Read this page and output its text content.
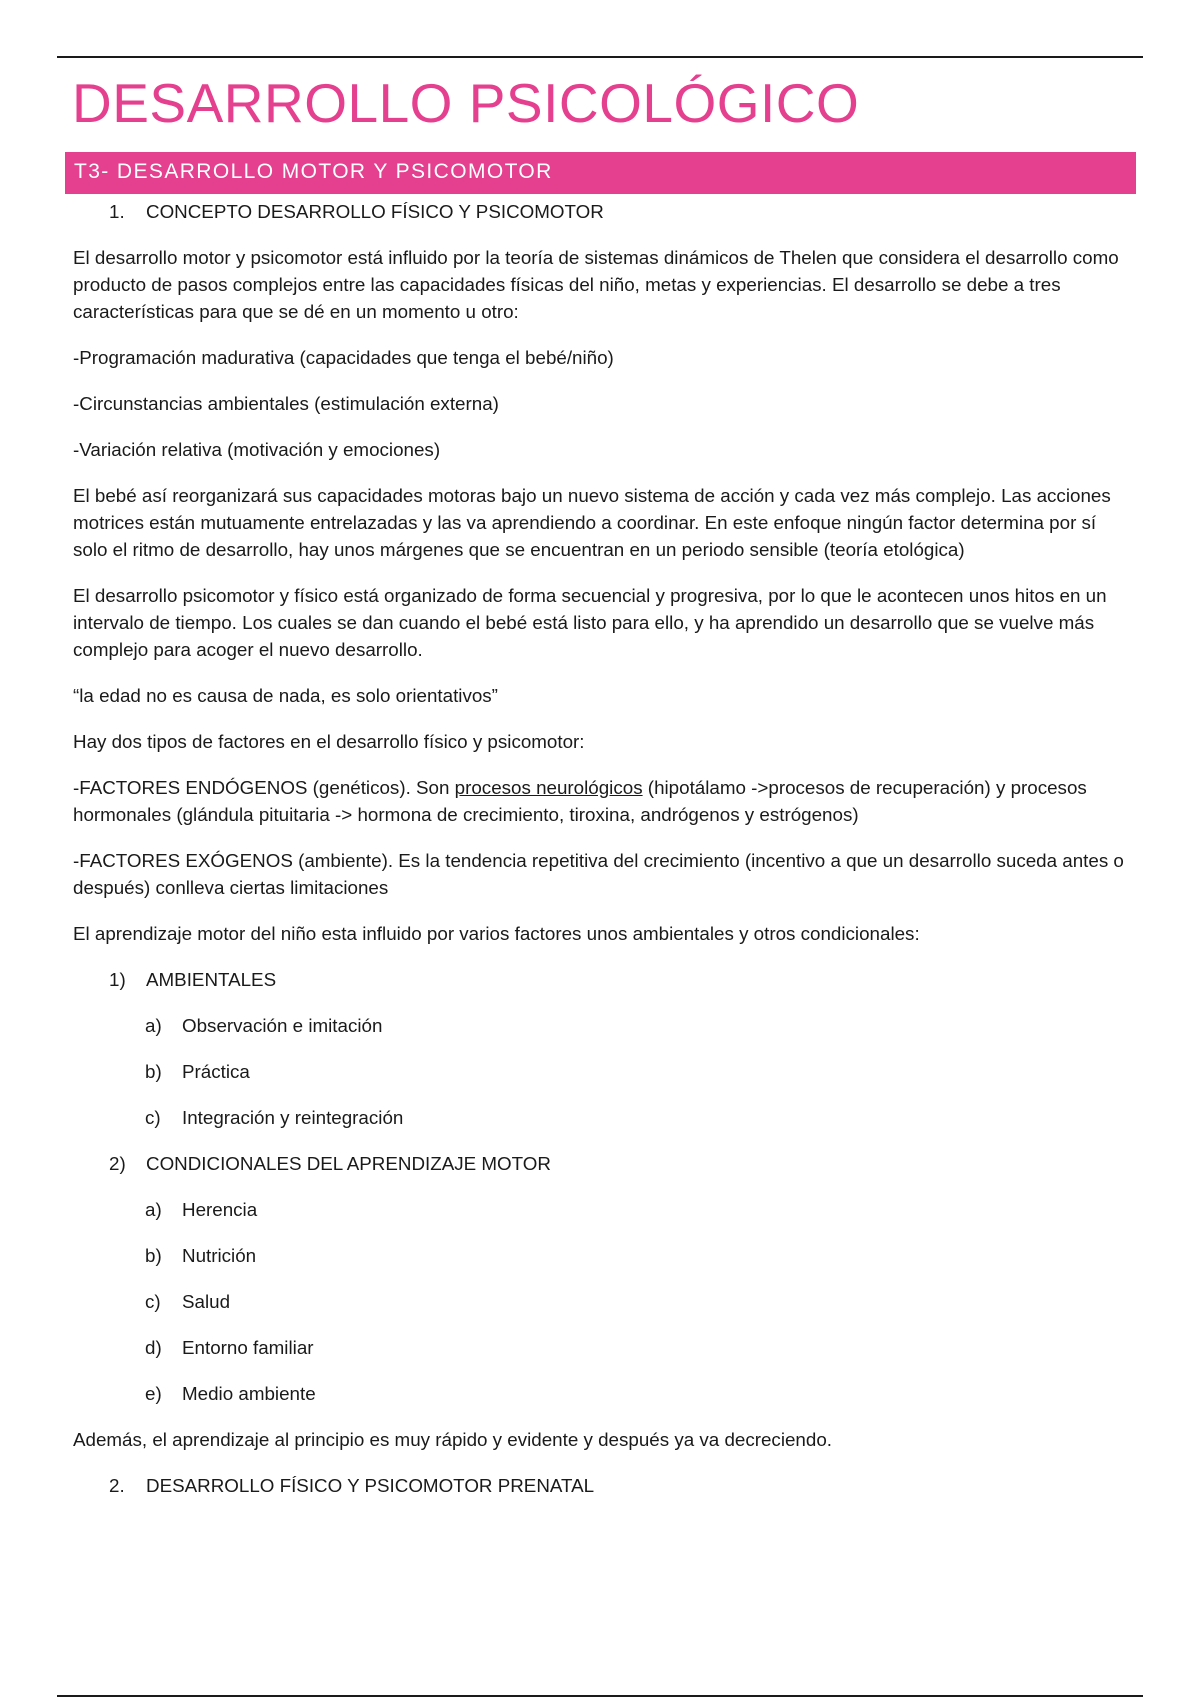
DESARROLLO PSICOLÓGICO
T3- DESARROLLO MOTOR Y PSICOMOTOR
1. CONCEPTO DESARROLLO FÍSICO Y PSICOMOTOR

El desarrollo motor y psicomotor está influido por la teoría de sistemas dinámicos de Thelen que considera el desarrollo como producto de pasos complejos entre las capacidades físicas del niño, metas y experiencias. El desarrollo se debe a tres características para que se dé en un momento u otro:

-Programación madurativa (capacidades que tenga el bebé/niño)

-Circunstancias ambientales (estimulación externa)

-Variación relativa (motivación y emociones)

El bebé así reorganizará sus capacidades motoras bajo un nuevo sistema de acción y cada vez más complejo. Las acciones motrices están mutuamente entrelazadas y las va aprendiendo a coordinar. En este enfoque ningún factor determina por sí solo el ritmo de desarrollo, hay unos márgenes que se encuentran en un periodo sensible (teoría etológica)

El desarrollo psicomotor y físico está organizado de forma secuencial y progresiva, por lo que le acontecen unos hitos en un intervalo de tiempo. Los cuales se dan cuando el bebé está listo para ello, y ha aprendido un desarrollo que se vuelve más complejo para acoger el nuevo desarrollo.

“la edad no es causa de nada, es solo orientativos”

Hay dos tipos de factores en el desarrollo físico y psicomotor:

-FACTORES ENDÓGENOS (genéticos). Son procesos neurológicos (hipotálamo ->procesos de recuperación) y procesos hormonales (glándula pituitaria -> hormona de crecimiento, tiroxina, andrógenos y estrógenos)

-FACTORES EXÓGENOS (ambiente). Es la tendencia repetitiva del crecimiento (incentivo a que un desarrollo suceda antes o después) conlleva ciertas limitaciones

El aprendizaje motor del niño esta influido por varios factores unos ambientales y otros condicionales:

1) AMBIENTALES
a) Observación e imitación
b) Práctica
c) Integración y reintegración
2) CONDICIONALES DEL APRENDIZAJE MOTOR
a) Herencia
b) Nutrición
c) Salud
d) Entorno familiar
e) Medio ambiente

Además, el aprendizaje al principio es muy rápido y evidente y después ya va decreciendo.

2. DESARROLLO FÍSICO Y PSICOMOTOR PRENATAL
